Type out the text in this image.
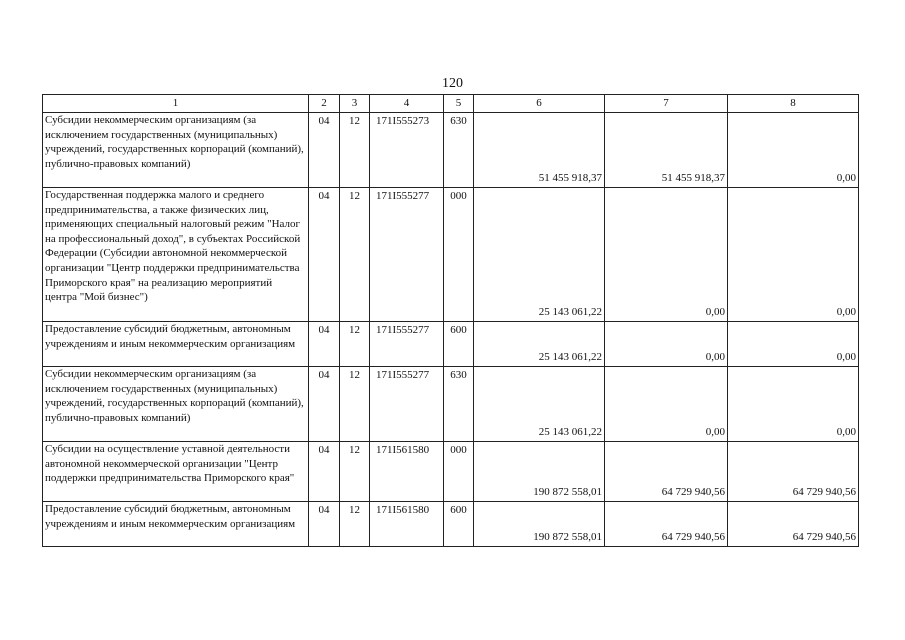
120
1	2	3	4	5	6	7	8
Субсидии некоммерческим организациям (за исключением государственных (муниципальных) учреждений, государственных корпораций (компаний), публично-правовых компаний)	04	12	171I555273	630	51 455 918,37	51 455 918,37	0,00
Государственная поддержка малого и среднего предпринимательства, а также физических лиц, применяющих специальный налоговый режим "Налог на профессиональный доход", в субъектах Российской Федерации (Субсидии автономной некоммерческой организации "Центр поддержки предпринимательства Приморского края" на реализацию мероприятий центра "Мой бизнес")	04	12	171I555277	000	25 143 061,22	0,00	0,00
Предоставление субсидий бюджетным, автономным учреждениям и иным некоммерческим организациям	04	12	171I555277	600	25 143 061,22	0,00	0,00
Субсидии некоммерческим организациям (за исключением государственных (муниципальных) учреждений, государственных корпораций (компаний), публично-правовых компаний)	04	12	171I555277	630	25 143 061,22	0,00	0,00
Субсидии на осуществление уставной деятельности автономной некоммерческой организации "Центр поддержки предпринимательства Приморского края"	04	12	171I561580	000	190 872 558,01	64 729 940,56	64 729 940,56
Предоставление субсидий бюджетным, автономным учреждениям и иным некоммерческим организациям	04	12	171I561580	600	190 872 558,01	64 729 940,56	64 729 940,56
